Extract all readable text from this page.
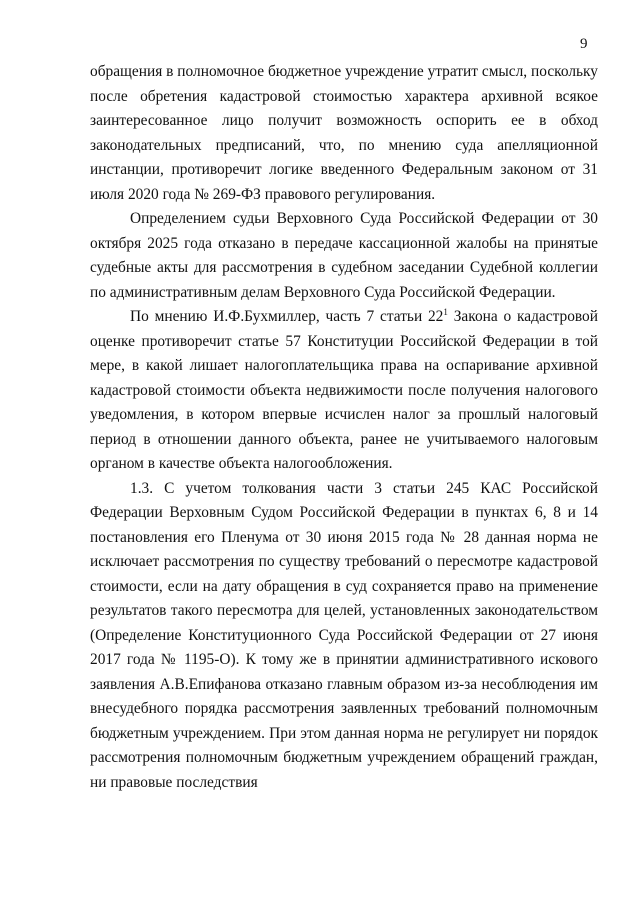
9

обращения в полномочное бюджетное учреждение утратит смысл, поскольку после обретения кадастровой стоимостью характера архивной всякое заинтересованное лицо получит возможность оспорить ее в обход законодательных предписаний, что, по мнению суда апелляционной инстанции, противоречит логике введенного Федеральным законом от 31 июля 2020 года № 269-ФЗ правового регулирования.

Определением судьи Верховного Суда Российской Федерации от 30 октября 2025 года отказано в передаче кассационной жалобы на принятые судебные акты для рассмотрения в судебном заседании Судебной коллегии по административным делам Верховного Суда Российской Федерации.

По мнению И.Ф.Бухмиллер, часть 7 статьи $22^1$ Закона о кадастровой оценке противоречит статье 57 Конституции Российской Федерации в той мере, в какой лишает налогоплательщика права на оспаривание архивной кадастровой стоимости объекта недвижимости после получения налогового уведомления, в котором впервые исчислен налог за прошлый налоговый период в отношении данного объекта, ранее не учитываемого налоговым органом в качестве объекта налогообложения.

1.3. С учетом толкования части 3 статьи 245 КАС Российской Федерации Верховным Судом Российской Федерации в пунктах 6, 8 и 14 постановления его Пленума от 30 июня 2015 года № 28 данная норма не исключает рассмотрения по существу требований о пересмотре кадастровой стоимости, если на дату обращения в суд сохраняется право на применение результатов такого пересмотра для целей, установленных законодательством (Определение Конституционного Суда Российской Федерации от 27 июня 2017 года № 1195-О). К тому же в принятии административного искового заявления А.В.Епифанова отказано главным образом из-за несоблюдения им внесудебного порядка рассмотрения заявленных требований полномочным бюджетным учреждением. При этом данная норма не регулирует ни порядок рассмотрения полномочным бюджетным учреждением обращений граждан, ни правовые последствия
